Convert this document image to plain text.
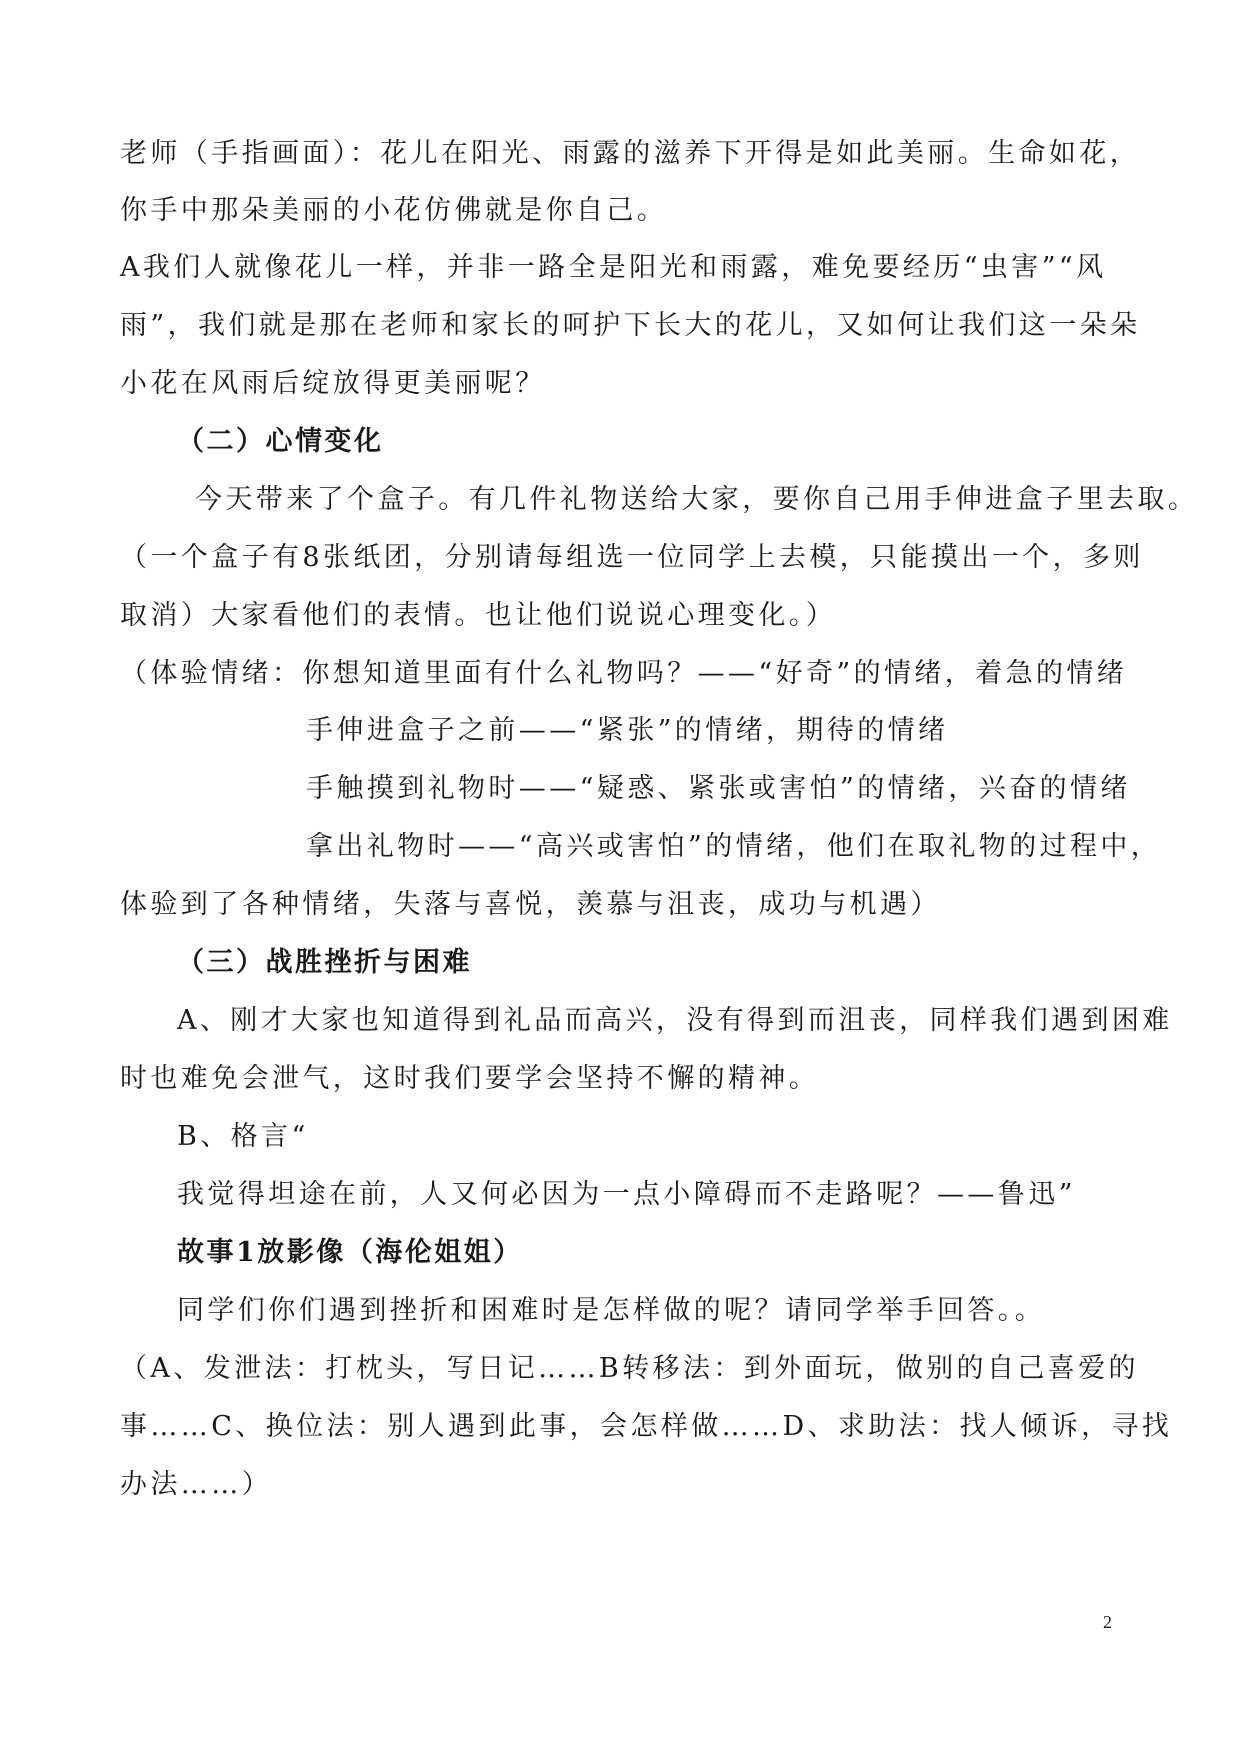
老师（手指画面）：花儿在阳光、雨露的滋养下开得是如此美丽。生命如花，
你手中那朵美丽的小花仿佛就是你自己。
A我们人就像花儿一样，并非一路全是阳光和雨露，难免要经历“虫害”“风
雨”，我们就是那在老师和家长的呵护下长大的花儿，又如何让我们这一朵朵
小花在风雨后绽放得更美丽呢？
（二）心情变化
今天带来了个盒子。有几件礼物送给大家，要你自己用手伸进盒子里去取。
（一个盒子有8张纸团，分别请每组选一位同学上去模，只能摸出一个，多则
取消）大家看他们的表情。也让他们说说心理变化。）
（体验情绪：你想知道里面有什么礼物吗？——“好奇”的情绪，着急的情绪
手伸进盒子之前——“紧张”的情绪，期待的情绪
手触摸到礼物时——“疑惑、紧张或害怕”的情绪，兴奋的情绪
拿出礼物时——“高兴或害怕”的情绪，他们在取礼物的过程中，
体验到了各种情绪，失落与喜悦，羡慕与沮丧，成功与机遇）
（三）战胜挫折与困难
A、刚才大家也知道得到礼品而高兴，没有得到而沮丧，同样我们遇到困难
时也难免会泄气，这时我们要学会坚持不懈的精神。
B、格言“
我觉得坦途在前，人又何必因为一点小障碍而不走路呢？——鲁迅”
故事1放影像（海伦姐姐）
同学们你们遇到挫折和困难时是怎样做的呢？请同学举手回答。。
（A、发泄法：打枕头，写日记……B转移法：到外面玩，做别的自己喜爱的
事……C、换位法：别人遇到此事，会怎样做……D、求助法：找人倾诉，寻找
办法……）
2
